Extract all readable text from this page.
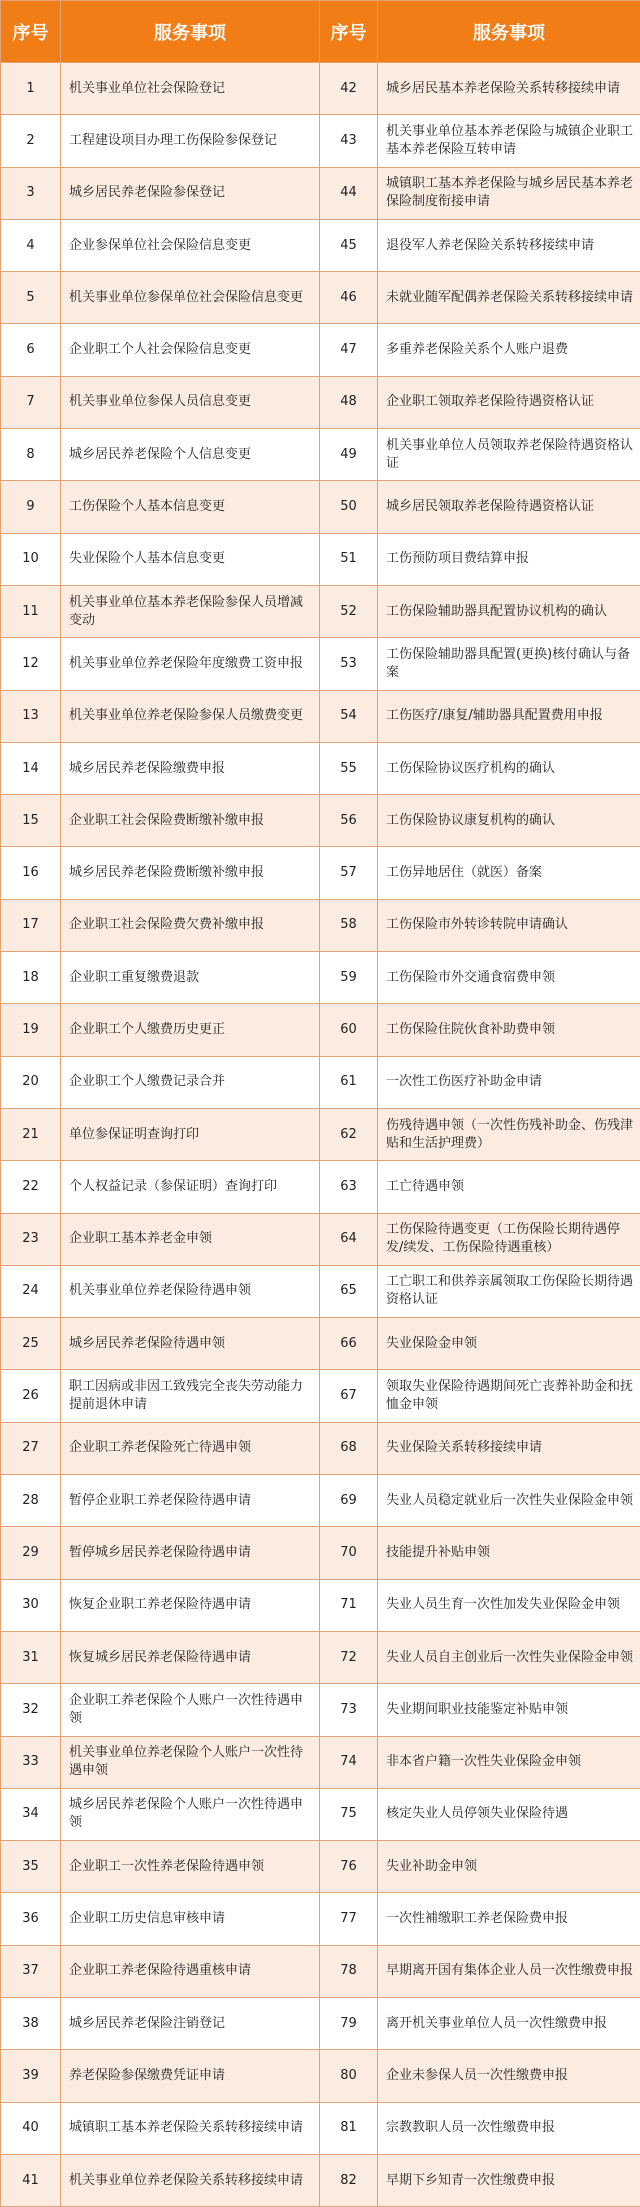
序号	服务事项	序号	服务事项
1	机关事业单位社会保险登记	42	城乡居民基本养老保险关系转移接续申请
2	工程建设项目办理工伤保险参保登记	43	机关事业单位基本养老保险与城镇企业职工基本养老保险互转申请
3	城乡居民养老保险参保登记	44	城镇职工基本养老保险与城乡居民基本养老保险制度衔接申请
4	企业参保单位社会保险信息变更	45	退役军人养老保险关系转移接续申请
5	机关事业单位参保单位社会保险信息变更	46	未就业随军配偶养老保险关系转移接续申请
6	企业职工个人社会保险信息变更	47	多重养老保险关系个人账户退费
7	机关事业单位参保人员信息变更	48	企业职工领取养老保险待遇资格认证
8	城乡居民养老保险个人信息变更	49	机关事业单位人员领取养老保险待遇资格认证
9	工伤保险个人基本信息变更	50	城乡居民领取养老保险待遇资格认证
10	失业保险个人基本信息变更	51	工伤预防项目费结算申报
11	机关事业单位基本养老保险参保人员增减变动	52	工伤保险辅助器具配置协议机构的确认
12	机关事业单位养老保险年度缴费工资申报	53	工伤保险辅助器具配置(更换)核付确认与备案
13	机关事业单位养老保险参保人员缴费变更	54	工伤医疗/康复/辅助器具配置费用申报
14	城乡居民养老保险缴费申报	55	工伤保险协议医疗机构的确认
15	企业职工社会保险费断缴补缴申报	56	工伤保险协议康复机构的确认
16	城乡居民养老保险费断缴补缴申报	57	工伤异地居住（就医）备案
17	企业职工社会保险费欠费补缴申报	58	工伤保险市外转诊转院申请确认
18	企业职工重复缴费退款	59	工伤保险市外交通食宿费申领
19	企业职工个人缴费历史更正	60	工伤保险住院伙食补助费申领
20	企业职工个人缴费记录合并	61	一次性工伤医疗补助金申请
21	单位参保证明查询打印	62	伤残待遇申领（一次性伤残补助金、伤残津贴和生活护理费）
22	个人权益记录（参保证明）查询打印	63	工亡待遇申领
23	企业职工基本养老金申领	64	工伤保险待遇变更（工伤保险长期待遇停发/续发、工伤保险待遇重核）
24	机关事业单位养老保险待遇申领	65	工亡职工和供养亲属领取工伤保险长期待遇资格认证
25	城乡居民养老保险待遇申领	66	失业保险金申领
26	职工因病或非因工致残完全丧失劳动能力提前退休申请	67	领取失业保险待遇期间死亡丧葬补助金和抚恤金申领
27	企业职工养老保险死亡待遇申领	68	失业保险关系转移接续申请
28	暂停企业职工养老保险待遇申请	69	失业人员稳定就业后一次性失业保险金申领
29	暂停城乡居民养老保险待遇申请	70	技能提升补贴申领
30	恢复企业职工养老保险待遇申请	71	失业人员生育一次性加发失业保险金申领
31	恢复城乡居民养老保险待遇申请	72	失业人员自主创业后一次性失业保险金申领
32	企业职工养老保险个人账户一次性待遇申领	73	失业期间职业技能鉴定补贴申领
33	机关事业单位养老保险个人账户一次性待遇申领	74	非本省户籍一次性失业保险金申领
34	城乡居民养老保险个人账户一次性待遇申领	75	核定失业人员停领失业保险待遇
35	企业职工一次性养老保险待遇申领	76	失业补助金申领
36	企业职工历史信息审核申请	77	一次性補缴职工养老保险费申报
37	企业职工养老保险待遇重核申请	78	早期离开国有集体企业人员一次性缴费申报
38	城乡居民养老保险注销登记	79	离开机关事业单位人员一次性缴费申报
39	养老保险参保缴费凭证申请	80	企业未参保人员一次性缴费申报
40	城镇职工基本养老保险关系转移接续申请	81	宗教教职人员一次性缴费申报
41	机关事业单位养老保险关系转移接续申请	82	早期下乡知青一次性缴费申报
